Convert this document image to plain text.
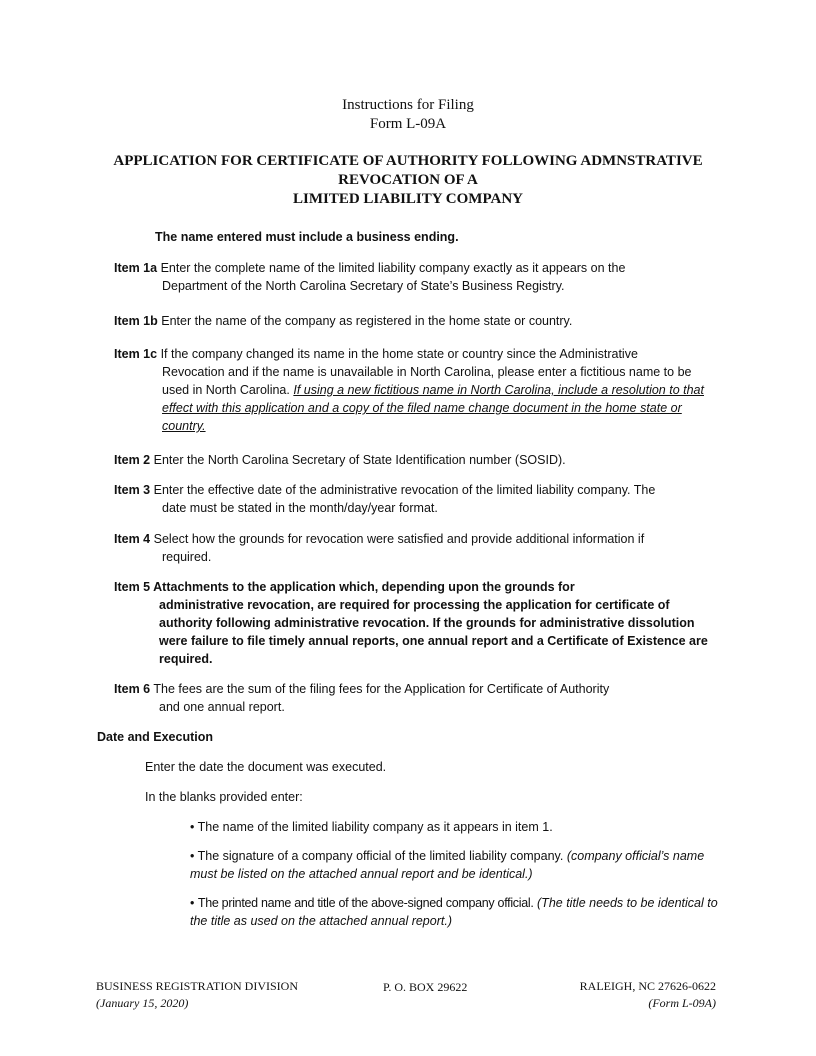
Instructions for Filing
Form L-09A
APPLICATION FOR CERTIFICATE OF AUTHORITY FOLLOWING ADMNSTRATIVE
REVOCATION OF A
LIMITED LIABILITY COMPANY
The name entered must include a business ending.
Item 1a Enter the complete name of the limited liability company exactly as it appears on the
Department of the North Carolina Secretary of State’s Business Registry.
Item 1b Enter the name of the company as registered in the home state or country.
Item 1c If the company changed its name in the home state or country since the Administrative
Revocation and if the name is unavailable in North Carolina, please enter a fictitious name to be used in North Carolina. If using a new fictitious name in North Carolina, include a resolution to that effect with this application and a copy of the filed name change document in the home state or country.
Item 2 Enter the North Carolina Secretary of State Identification number (SOSID).
Item 3 Enter the effective date of the administrative revocation of the limited liability company. The
date must be stated in the month/day/year format.
Item 4 Select how the grounds for revocation were satisfied and provide additional information if
required.
Item 5 Attachments to the application which, depending upon the grounds for
administrative revocation, are required for processing the application for certificate of authority following administrative revocation. If the grounds for administrative dissolution were failure to file timely annual reports, one annual report and a Certificate of Existence are required.
Item 6 The fees are the sum of the filing fees for the Application for Certificate of Authority
and one annual report.
Date and Execution
Enter the date the document was executed.
In the blanks provided enter:
• The name of the limited liability company as it appears in item 1.
• The signature of a company official of the limited liability company. (company official’s name must be listed on the attached annual report and be identical.)
• The printed name and title of the above-signed company official. (The title needs to be identical to the title as used on the attached annual report.)
BUSINESS REGISTRATION DIVISION
(January 15, 2020)
P. O. BOX 29622	RALEIGH, NC 27626-0622
(Form L-09A)
